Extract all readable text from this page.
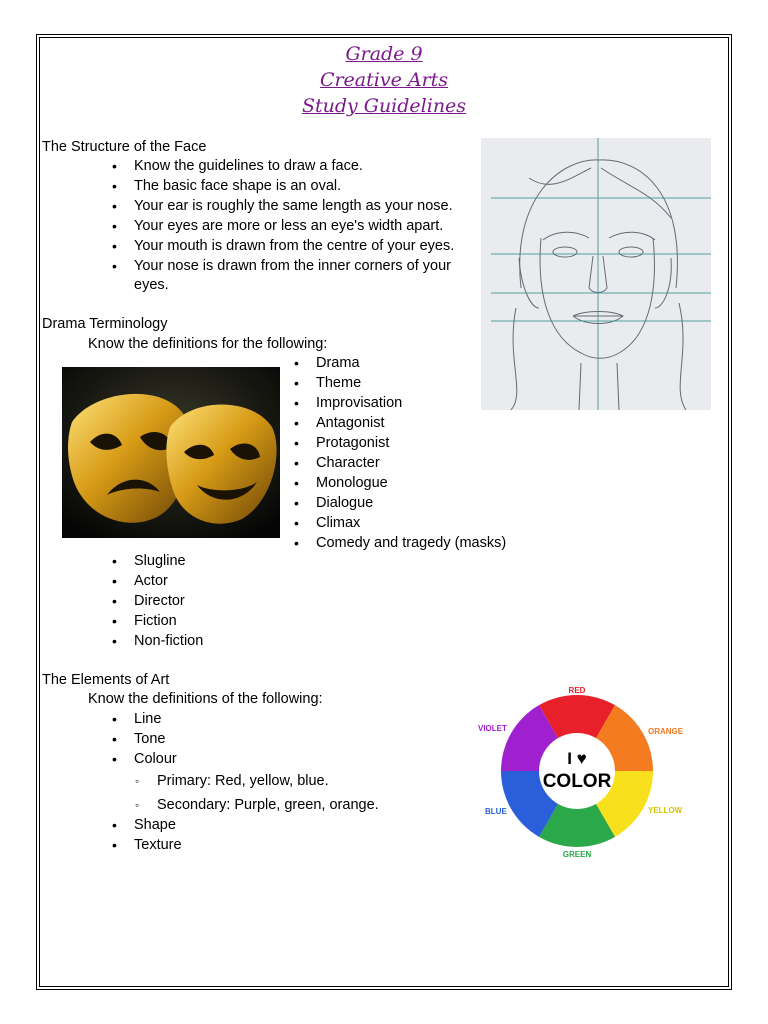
Grade 9
Creative Arts
Study Guidelines
The Structure of the Face
• Know the guidelines to draw a face.
• The basic face shape is an oval.
• Your ear is roughly the same length as your nose.
• Your eyes are more or less an eye's width apart.
• Your mouth is drawn from the centre of your eyes.
• Your nose is drawn from the inner corners of your
eyes.
Drama Terminology
Know the definitions for the following:
• Drama
• Theme
• Improvisation
• Antagonist
• Protagonist
• Character
• Monologue
• Dialogue
• Climax
• Comedy and tragedy (masks)
• Slugline
• Actor
• Director
• Fiction
• Non-fiction
The Elements of Art
Know the definitions of the following:
• Line
• Tone
• Colour
◦ Primary: Red, yellow, blue.
◦ Secondary: Purple, green, orange.
• Shape
• Texture
I ♥
COLOR
RED
ORANGE
YELLOW
GREEN
BLUE
VIOLET
